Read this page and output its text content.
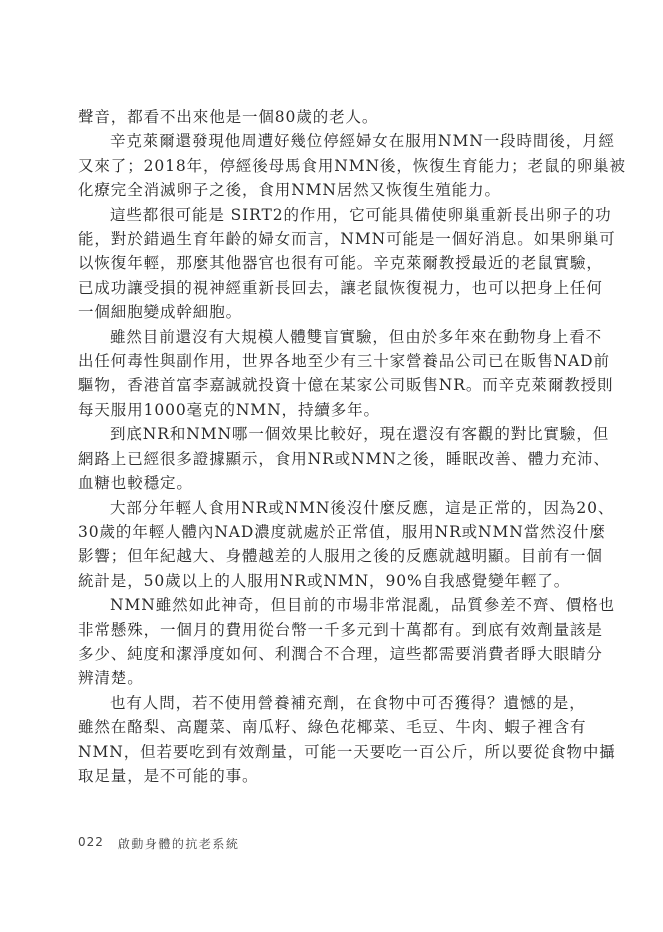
聲音，都看不出來他是一個80歲的老人。

辛克萊爾還發現他周遭好幾位停經婦女在服用NMN一段時間後，月經
又來了；2018年，停經後母馬食用NMN後，恢復生育能力；老鼠的卵巢被
化療完全消滅卵子之後，食用NMN居然又恢復生殖能力。

這些都很可能是 SIRT2的作用，它可能具備使卵巢重新長出卵子的功
能，對於錯過生育年齡的婦女而言，NMN可能是一個好消息。如果卵巢可
以恢復年輕，那麼其他器官也很有可能。辛克萊爾教授最近的老鼠實驗，
已成功讓受損的視神經重新長回去，讓老鼠恢復視力，也可以把身上任何
一個細胞變成幹細胞。

雖然目前還沒有大規模人體雙盲實驗，但由於多年來在動物身上看不
出任何毒性與副作用，世界各地至少有三十家營養品公司已在販售NAD前
驅物，香港首富李嘉誠就投資十億在某家公司販售NR。而辛克萊爾教授則
每天服用1000毫克的NMN，持續多年。

到底NR和NMN哪一個效果比較好，現在還沒有客觀的對比實驗，但
網路上已經很多證據顯示，食用NR或NMN之後，睡眠改善、體力充沛、
血糖也較穩定。

大部分年輕人食用NR或NMN後沒什麼反應，這是正常的，因為20、
30歲的年輕人體內NAD濃度就處於正常值，服用NR或NMN當然沒什麼
影響；但年紀越大、身體越差的人服用之後的反應就越明顯。目前有一個
統計是，50歲以上的人服用NR或NMN，90%自我感覺變年輕了。

NMN雖然如此神奇，但目前的市場非常混亂，品質參差不齊、價格也
非常懸殊，一個月的費用從台幣一千多元到十萬都有。到底有效劑量該是
多少、純度和潔淨度如何、利潤合不合理，這些都需要消費者睜大眼睛分
辨清楚。

也有人問，若不使用營養補充劑，在食物中可否獲得？遺憾的是，
雖然在酪梨、高麗菜、南瓜籽、綠色花椰菜、毛豆、牛肉、蝦子裡含有
NMN，但若要吃到有效劑量，可能一天要吃一百公斤，所以要從食物中攝
取足量，是不可能的事。

022 啟動身體的抗老系統
